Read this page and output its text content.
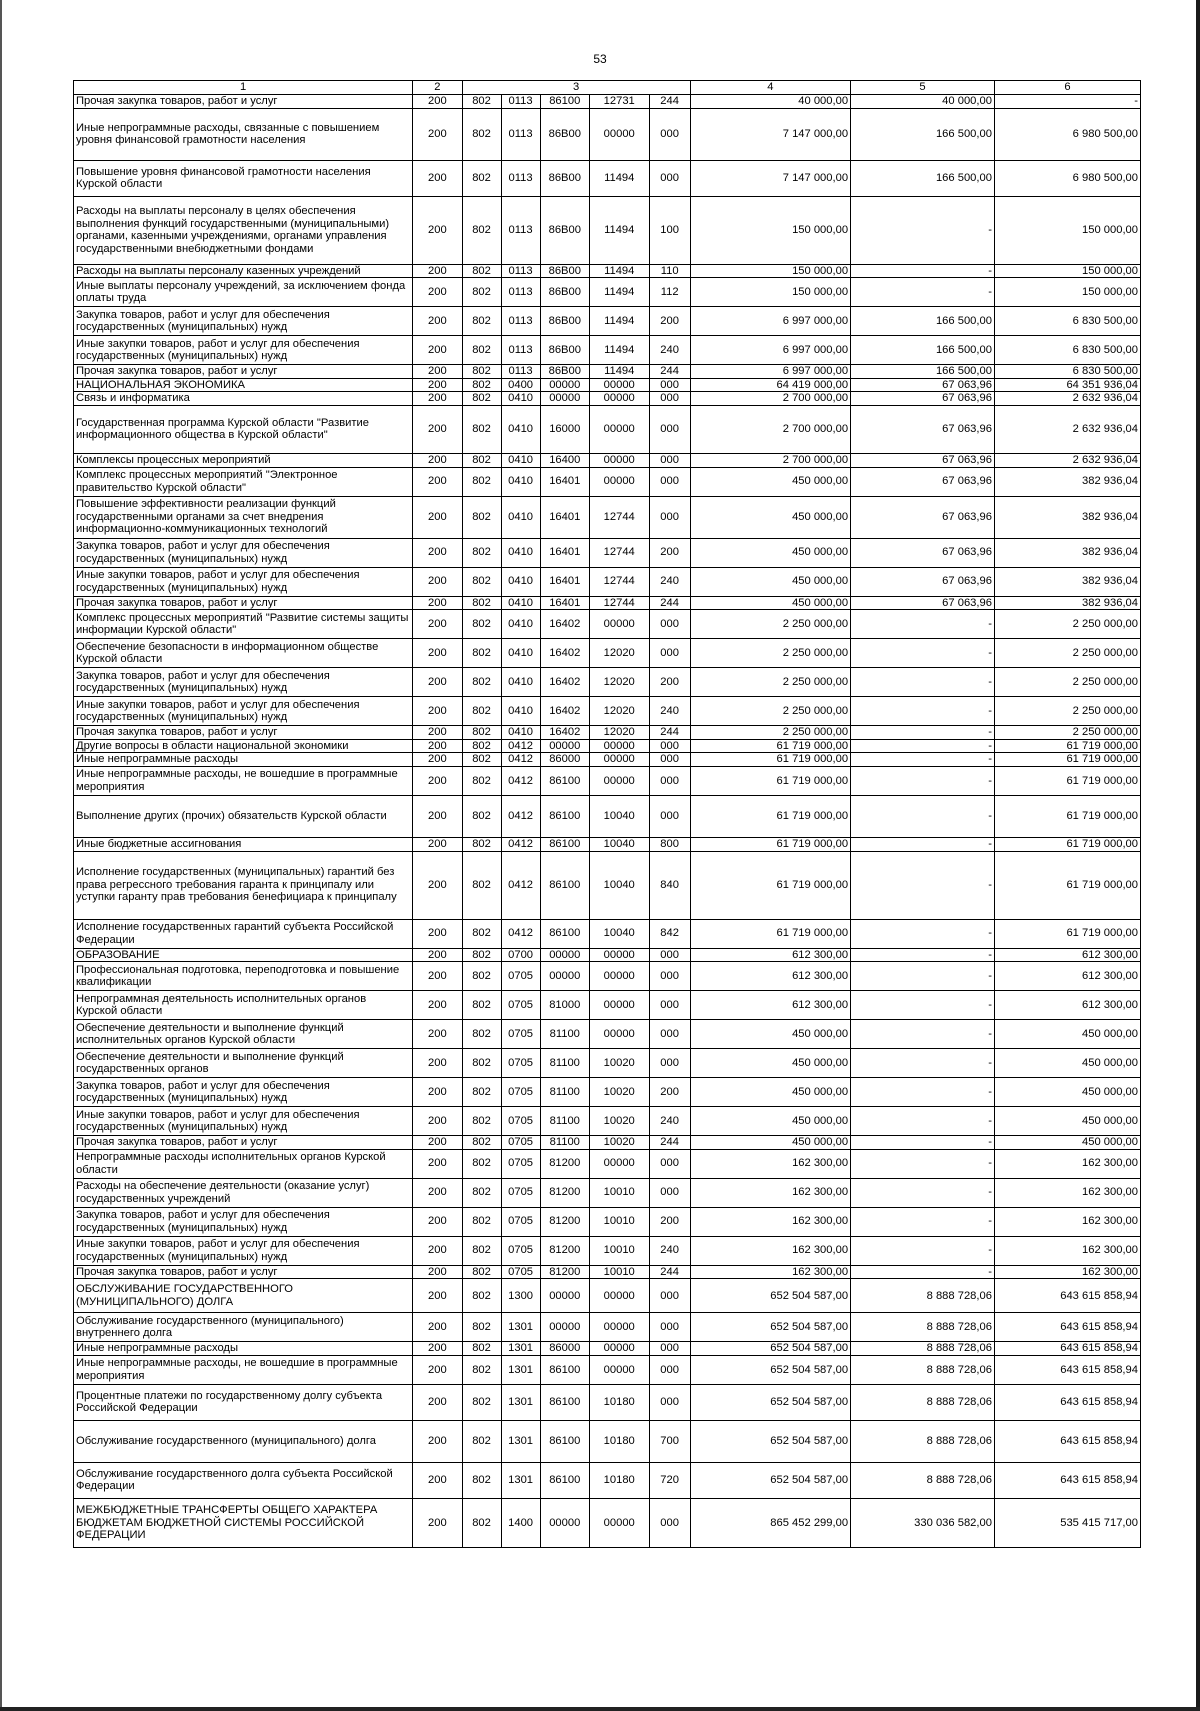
53
1	2	3					4	5	6
Прочая закупка товаров, работ и услуг	200	802	0113	86100	12731	244	40 000,00	40 000,00	-
Иные непрограммные расходы, связанные с повышением уровня финансовой грамотности населения	200	802	0113	86В00	00000	000	7 147 000,00	166 500,00	6 980 500,00
Повышение уровня финансовой грамотности населения Курской области	200	802	0113	86В00	11494	000	7 147 000,00	166 500,00	6 980 500,00
Расходы на выплаты персоналу в целях обеспечения выполнения функций государственными (муниципальными) органами, казенными учреждениями, органами управления государственными внебюджетными фондами	200	802	0113	86В00	11494	100	150 000,00	-	150 000,00
Расходы на выплаты персоналу казенных учреждений	200	802	0113	86В00	11494	110	150 000,00	-	150 000,00
Иные выплаты персоналу учреждений, за исключением фонда оплаты труда	200	802	0113	86В00	11494	112	150 000,00	-	150 000,00
Закупка товаров, работ и услуг для обеспечения государственных (муниципальных) нужд	200	802	0113	86В00	11494	200	6 997 000,00	166 500,00	6 830 500,00
Иные закупки товаров, работ и услуг для обеспечения государственных (муниципальных) нужд	200	802	0113	86В00	11494	240	6 997 000,00	166 500,00	6 830 500,00
Прочая закупка товаров, работ и услуг	200	802	0113	86В00	11494	244	6 997 000,00	166 500,00	6 830 500,00
НАЦИОНАЛЬНАЯ ЭКОНОМИКА	200	802	0400	00000	00000	000	64 419 000,00	67 063,96	64 351 936,04
Связь и информатика	200	802	0410	00000	00000	000	2 700 000,00	67 063,96	2 632 936,04
Государственная программа Курской области "Развитие информационного общества в Курской области"	200	802	0410	16000	00000	000	2 700 000,00	67 063,96	2 632 936,04
Комплексы процессных мероприятий	200	802	0410	16400	00000	000	2 700 000,00	67 063,96	2 632 936,04
Комплекс процессных мероприятий "Электронное правительство Курской области"	200	802	0410	16401	00000	000	450 000,00	67 063,96	382 936,04
Повышение эффективности реализации функций государственными органами за счет внедрения информационно-коммуникационных технологий	200	802	0410	16401	12744	000	450 000,00	67 063,96	382 936,04
Закупка товаров, работ и услуг для обеспечения государственных (муниципальных) нужд	200	802	0410	16401	12744	200	450 000,00	67 063,96	382 936,04
Иные закупки товаров, работ и услуг для обеспечения государственных (муниципальных) нужд	200	802	0410	16401	12744	240	450 000,00	67 063,96	382 936,04
Прочая закупка товаров, работ и услуг	200	802	0410	16401	12744	244	450 000,00	67 063,96	382 936,04
Комплекс процессных мероприятий "Развитие системы защиты информации Курской области"	200	802	0410	16402	00000	000	2 250 000,00	-	2 250 000,00
Обеспечение безопасности в информационном обществе Курской области	200	802	0410	16402	12020	000	2 250 000,00	-	2 250 000,00
Закупка товаров, работ и услуг для обеспечения государственных (муниципальных) нужд	200	802	0410	16402	12020	200	2 250 000,00	-	2 250 000,00
Иные закупки товаров, работ и услуг для обеспечения государственных (муниципальных) нужд	200	802	0410	16402	12020	240	2 250 000,00	-	2 250 000,00
Прочая закупка товаров, работ и услуг	200	802	0410	16402	12020	244	2 250 000,00	-	2 250 000,00
Другие вопросы в области национальной экономики	200	802	0412	00000	00000	000	61 719 000,00	-	61 719 000,00
Иные непрограммные расходы	200	802	0412	86000	00000	000	61 719 000,00	-	61 719 000,00
Иные непрограммные расходы, не вошедшие в программные мероприятия	200	802	0412	86100	00000	000	61 719 000,00	-	61 719 000,00
Выполнение других (прочих) обязательств Курской области	200	802	0412	86100	10040	000	61 719 000,00	-	61 719 000,00
Иные бюджетные ассигнования	200	802	0412	86100	10040	800	61 719 000,00	-	61 719 000,00
Исполнение государственных (муниципальных) гарантий без права регрессного требования гаранта к принципалу или уступки гаранту прав требования бенефициара к принципалу	200	802	0412	86100	10040	840	61 719 000,00	-	61 719 000,00
Исполнение государственных гарантий субъекта Российской Федерации	200	802	0412	86100	10040	842	61 719 000,00	-	61 719 000,00
ОБРАЗОВАНИЕ	200	802	0700	00000	00000	000	612 300,00	-	612 300,00
Профессиональная подготовка, переподготовка и повышение квалификации	200	802	0705	00000	00000	000	612 300,00	-	612 300,00
Непрограммная деятельность исполнительных органов Курской области	200	802	0705	81000	00000	000	612 300,00	-	612 300,00
Обеспечение деятельности и выполнение функций исполнительных органов Курской области	200	802	0705	81100	00000	000	450 000,00	-	450 000,00
Обеспечение деятельности и выполнение функций государственных органов	200	802	0705	81100	10020	000	450 000,00	-	450 000,00
Закупка товаров, работ и услуг для обеспечения государственных (муниципальных) нужд	200	802	0705	81100	10020	200	450 000,00	-	450 000,00
Иные закупки товаров, работ и услуг для обеспечения государственных (муниципальных) нужд	200	802	0705	81100	10020	240	450 000,00	-	450 000,00
Прочая закупка товаров, работ и услуг	200	802	0705	81100	10020	244	450 000,00	-	450 000,00
Непрограммные расходы исполнительных органов Курской области	200	802	0705	81200	00000	000	162 300,00	-	162 300,00
Расходы на обеспечение деятельности (оказание услуг) государственных учреждений	200	802	0705	81200	10010	000	162 300,00	-	162 300,00
Закупка товаров, работ и услуг для обеспечения государственных (муниципальных) нужд	200	802	0705	81200	10010	200	162 300,00	-	162 300,00
Иные закупки товаров, работ и услуг для обеспечения государственных (муниципальных) нужд	200	802	0705	81200	10010	240	162 300,00	-	162 300,00
Прочая закупка товаров, работ и услуг	200	802	0705	81200	10010	244	162 300,00	-	162 300,00
ОБСЛУЖИВАНИЕ ГОСУДАРСТВЕННОГО (МУНИЦИПАЛЬНОГО) ДОЛГА	200	802	1300	00000	00000	000	652 504 587,00	8 888 728,06	643 615 858,94
Обслуживание государственного (муниципального) внутреннего долга	200	802	1301	00000	00000	000	652 504 587,00	8 888 728,06	643 615 858,94
Иные непрограммные расходы	200	802	1301	86000	00000	000	652 504 587,00	8 888 728,06	643 615 858,94
Иные непрограммные расходы, не вошедшие в программные мероприятия	200	802	1301	86100	00000	000	652 504 587,00	8 888 728,06	643 615 858,94
Процентные платежи по государственному долгу субъекта Российской Федерации	200	802	1301	86100	10180	000	652 504 587,00	8 888 728,06	643 615 858,94
Обслуживание государственного (муниципального) долга	200	802	1301	86100	10180	700	652 504 587,00	8 888 728,06	643 615 858,94
Обслуживание государственного долга субъекта Российской Федерации	200	802	1301	86100	10180	720	652 504 587,00	8 888 728,06	643 615 858,94
МЕЖБЮДЖЕТНЫЕ ТРАНСФЕРТЫ ОБЩЕГО ХАРАКТЕРА БЮДЖЕТАМ БЮДЖЕТНОЙ СИСТЕМЫ РОССИЙСКОЙ ФЕДЕРАЦИИ	200	802	1400	00000	00000	000	865 452 299,00	330 036 582,00	535 415 717,00
